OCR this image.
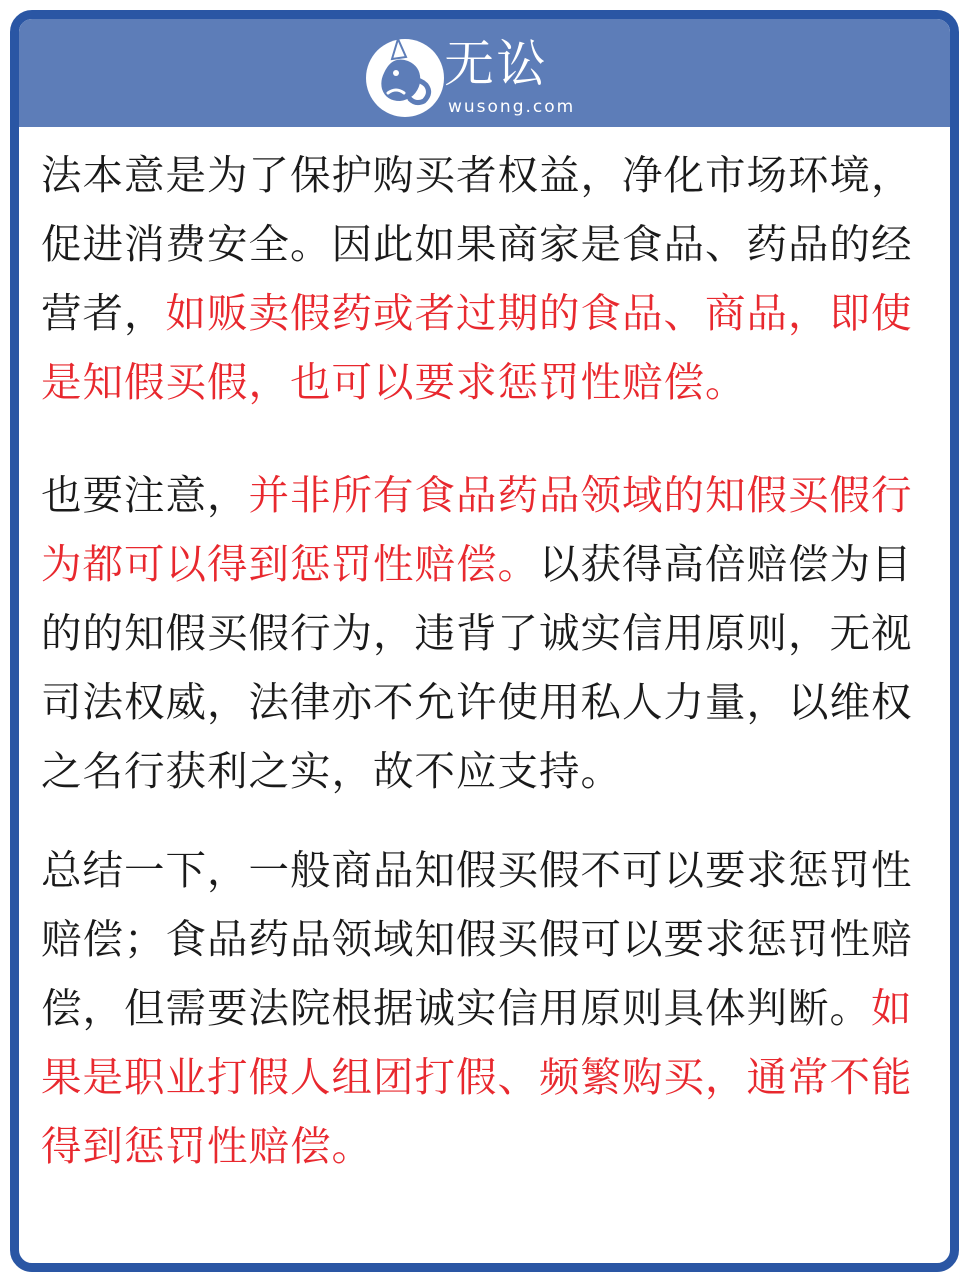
无讼
wusong.com

法本意是为了保护购买者权益，净化市场环境，促进消费安全。因此如果商家是食品、药品的经营者，如贩卖假药或者过期的食品、商品，即使是知假买假，也可以要求惩罚性赔偿。

也要注意，并非所有食品药品领域的知假买假行为都可以得到惩罚性赔偿。以获得高倍赔偿为目的的知假买假行为，违背了诚实信用原则，无视司法权威，法律亦不允许使用私人力量，以维权之名行获利之实，故不应支持。

总结一下，一般商品知假买假不可以要求惩罚性赔偿；食品药品领域知假买假可以要求惩罚性赔偿，但需要法院根据诚实信用原则具体判断。如果是职业打假人组团打假、频繁购买，通常不能得到惩罚性赔偿。
